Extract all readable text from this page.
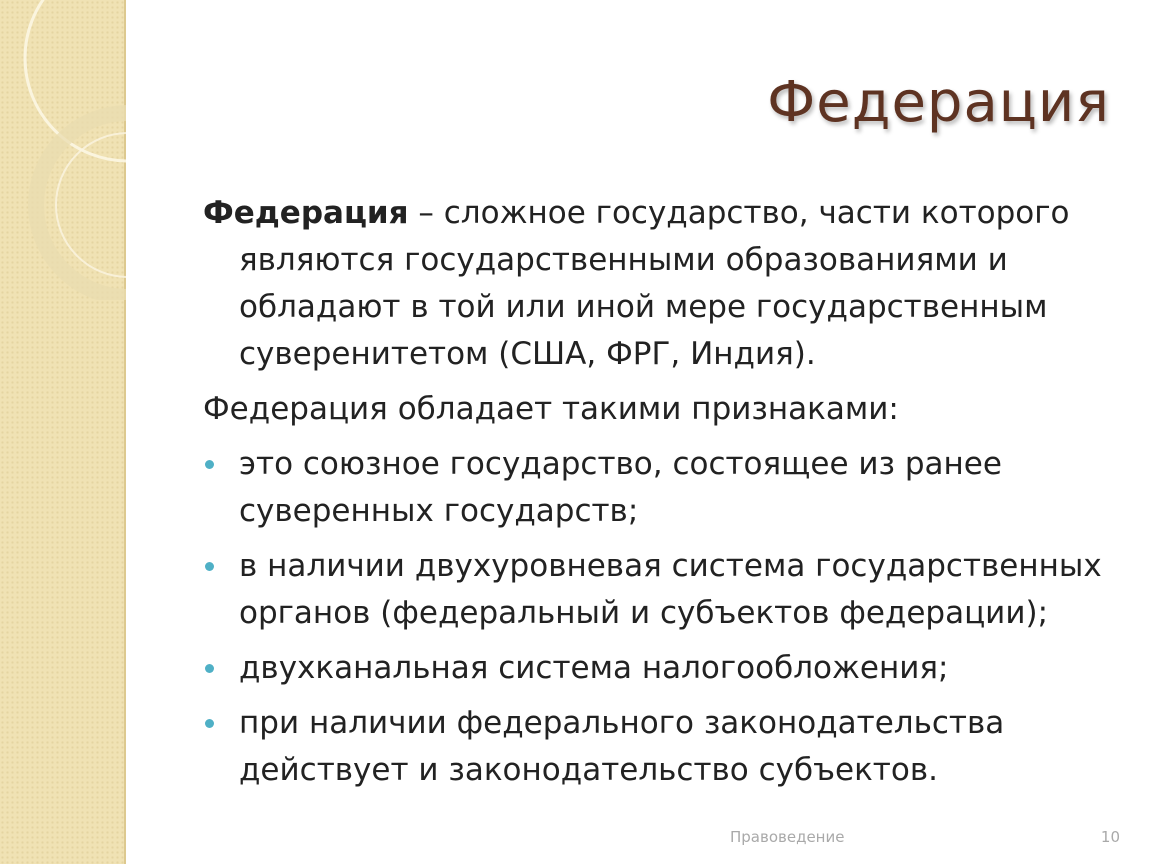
Федерация

Федерация – сложное государство, части которого являются государственными образованиями и обладают в той или иной мере государственным суверенитетом (США, ФРГ, Индия).

Федерация обладает такими признаками:

это союзное государство, состоящее из ранее суверенных государств;
в наличии двухуровневая система государственных органов (федеральный и субъектов федерации);
двухканальная система налогообложения;
при наличии федерального законодательства действует и законодательство субъектов.
Правоведение	10
